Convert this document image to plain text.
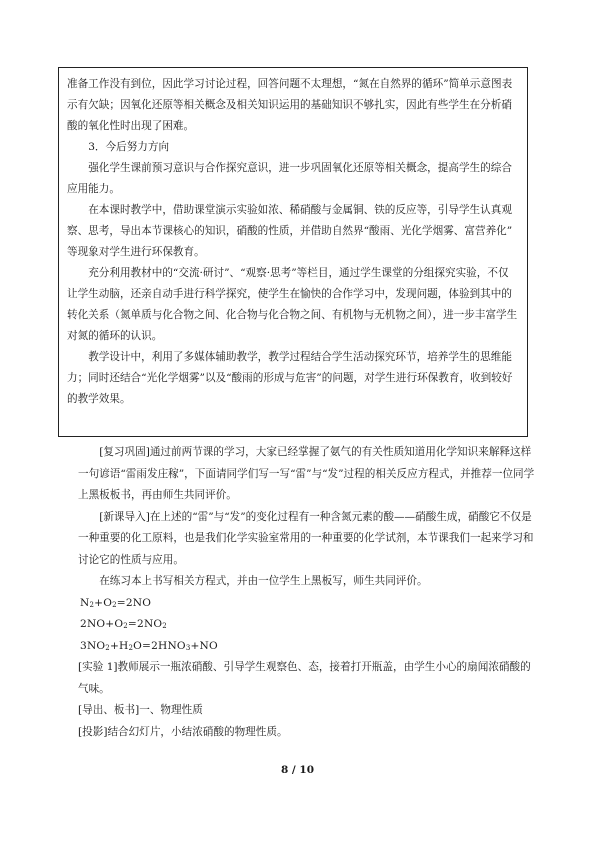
准备工作没有到位，因此学习讨论过程，回答问题不太理想，“氮在自然界的循环”简单示意图表示有欠缺；因氧化还原等相关概念及相关知识运用的基础知识不够扎实，因此有些学生在分析硝酸的氧化性时出现了困难。

3．今后努力方向

强化学生课前预习意识与合作探究意识，进一步巩固氧化还原等相关概念，提高学生的综合应用能力。

在本课时教学中，借助课堂演示实验如浓、稀硝酸与金属铜、铁的反应等，引导学生认真观察、思考，导出本节课核心的知识，硝酸的性质，并借助自然界“酸雨、光化学烟雾、富营养化” 等现象对学生进行环保教育。

充分利用教材中的“交流·研讨”、“观察·思考”等栏目，通过学生课堂的分组探究实验，不仅让学生动脑，还亲自动手进行科学探究，使学生在愉快的合作学习中，发现问题，体验到其中的转化关系（氮单质与化合物之间、化合物与化合物之间、有机物与无机物之间），进一步丰富学生对氮的循环的认识。

教学设计中，利用了多媒体辅助教学，教学过程结合学生活动探究环节，培养学生的思维能力；同时还结合“光化学烟雾”以及“酸雨的形成与危害”的问题，对学生进行环保教育，收到较好的教学效果。

[复习巩固]通过前两节课的学习，大家已经掌握了氨气的有关性质知道用化学知识来解释这样一句谚语“雷雨发庄稼”，下面请同学们写一写“雷”与“发”过程的相关反应方程式，并推荐一位同学上黑板板书，再由师生共同评价。

[新课导入]在上述的“雷”与“发”的变化过程有一种含氮元素的酸——硝酸生成，硝酸它不仅是一种重要的化工原料，也是我们化学实验室常用的一种重要的化学试剂，本节课我们一起来学习和讨论它的性质与应用。

在练习本上书写相关方程式，并由一位学生上黑板写，师生共同评价。

$N_2+O_2=2NO$

$2NO+O_2=2NO_2$

$3NO_2+H_2O=2HNO_3+NO$

[实验 1]教师展示一瓶浓硝酸、引导学生观察色、态，接着打开瓶盖，由学生小心的扇闻浓硝酸的气味。

[导出、板书]一、物理性质

[投影]结合幻灯片，小结浓硝酸的物理性质。

8 / 10
